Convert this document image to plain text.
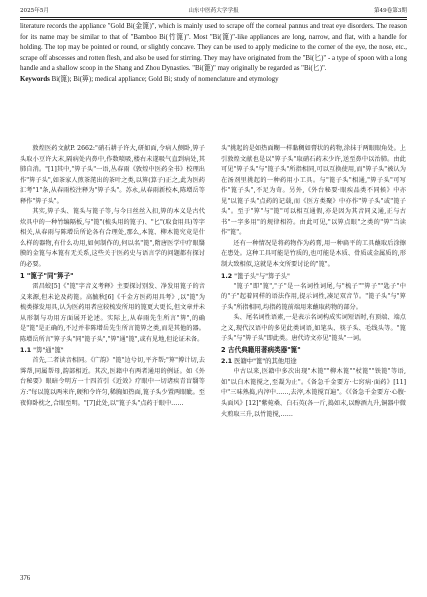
2025年5月	山东中医药大学学报	第49卷第3期
literature records the appliance "Gold Bi(金篦)", which is mainly used to scrape off the corneal pannus and treat eye disorders. The reason for its name may be similar to that of "Bamboo Bi(竹篦)". Most "Bi(篦)"-like appliances are long, narrow, and flat, with a handle for holding. The top may be pointed or round, or slightly concave. They can be used to apply medicine to the corner of the eye, the nose, etc., scrape off abscesses and rotten flesh, and also be used for stirring. They may have originated from the "Bi(匕)" - a type of spoon with a long handle and a shallow scoop in the Shang and Zhou Dynasties. "Bi(篦)" may originally be regarded as "Bi(匕)".
Keywords Bi(篦); Bi(箅); medical appliance; Gold Bi; study of nomenclature and etymology

敦煌医药文献P. 2662:"硝石耕子许大,研如面,令病人侧卧,箅子头取小豆许大末,隔病处内鼻中,作数喷吸,楼右未遂吸气直到病处,其肺自消。"[1]其中,"箅子头"一语,丛春雨《敦煌中医药全书》校理出作"箅子头",如茶家人煎茶滗出的茶叶之类,以箅(算子)正之,此为医药汇考"1"条,从春雨校注释为"箅子头"。苏永,从春雨新校本,陈增岳等释作"箅子头"。

其实,箅子头、篦头与篦子等,与今日丝丝入扣,箅的本义是古代炊具中的一种竹编隔板,与"篦"(梳头用的篦子)、"匕"(取食用具)等字相关,从春雨与陈增岳所论各有合理处,那么,本篦、柳木篦究竟是什么样的器物,有什么功用,如何制作的,何以名"篦",隋唐医学中疗眼翳膜的金篦与本篦有无关系,这些关于医药史与语言学的问题都有探讨的必要。

1 "篦子"同"箅子"

雷昌蛟[5]《"篦"字音义考释》主要探讨别发、净发用篦子的音义来源,但未论及药篦。高毓秋[6]《千金方医药用具考》,以"篦"为梳类搽发用具,认为医药用者应较梳发所用的篦更大更长,但文章并未从形制与功用方面展开论述。实际上,从春雨先生所言"箅",的确是"篦"是正确的,不过并非陈增岳先生所言篦箅之类,而是其他的器。陈增岳所言"箅子头"同"篦子头","箅"通"篦",或有见地,但论证未备。

1.1 "箅"通"篦"

首先,二者读音相同。《广韵》"篦"边兮切,平齐帮;"箅"博计切,去霁帮,同属帮母,韵部相近。其次,医籍中有两者通用的例证。如《外台秘要》眼暗令明方一十四首引《近效》疗眼中一切诸疾青盲翳等方:"每以篦以两米许,硬和令许匀,稀胸如热面,篦子头少置两眼眦。至夜仰卧枕之,合眼至明。"[7]此处,以"篦子头"点药于眼中……

头"挑起的是如热面糊一样黏稠如膏状的药物,涂抹于两眼眼角处。上引敦煌文献也是以"箅子头"取硝石药末少许,送至鼻中以治肺。由此可见"箅子头"与"篦子头"所指相同,可以互换使用,而"箅子头"被认为在汤剂里挑起的一种药用小工具。与"篦子头"相通,"箅子头"可写作"篦子头",不足为奇。另外,《外台秘要·眼疾品类不同候》中亦见"以篦子头"点药的记载,而《医方类聚》中亦作"箅子头"或"篦子头"。至于"箅"与"篦"可以相互通假,亦是因为其音同义通,正与古书"一字多用"的规律相符。由此可见,"以箅点眼"之类的"箅"当读作"篦"。

还有一种情况是将药物作为药膏,用一种扁平的工具蘸取后涂擦在患处。这种工具可能是竹质的,也可能是木质、骨质或金属质的,形制大致相似,这就是本文所要讨论的"篦"。

1.2 "篦子头"与"箅子头"

"篦子"即"篦","子"是一名词性词尾,与"梳子""箅子""匙子"中的"子"起着同样的语法作用,提示词性,凑足双音节。"篦子头"与"箅子头"所指相同,均指药篦前端用来蘸取药物的部分。

头、尾名词性语素,一是表示名词构成实词短语时,有顶端、端点之义,现代汉语中的多见此类词语,如笔头、筷子头、毛线头等。"篦子头"与"箅子头"即此类。唐代诗文亦见"篦头"一词。

2 古代典籍用著病类器"篦"
2.1 医籍中"篦"的其他用途

中古以来,医籍中多次出现"木篦""柳木篦""杖篦""铁篦"等语,如"以白木篦搅之,至凝为止"。《备急千金要方·七窍病·面药》[11]中"三味熟捣,内滓中……,去滓,木篦搅百遍"。《《备急千金要方·心腹·头面风》[12]"紫菀桑、白石英(各一斤,捣如末,以醇酒九升,铜器中微火煎取三升,以竹篦搅,……

376
